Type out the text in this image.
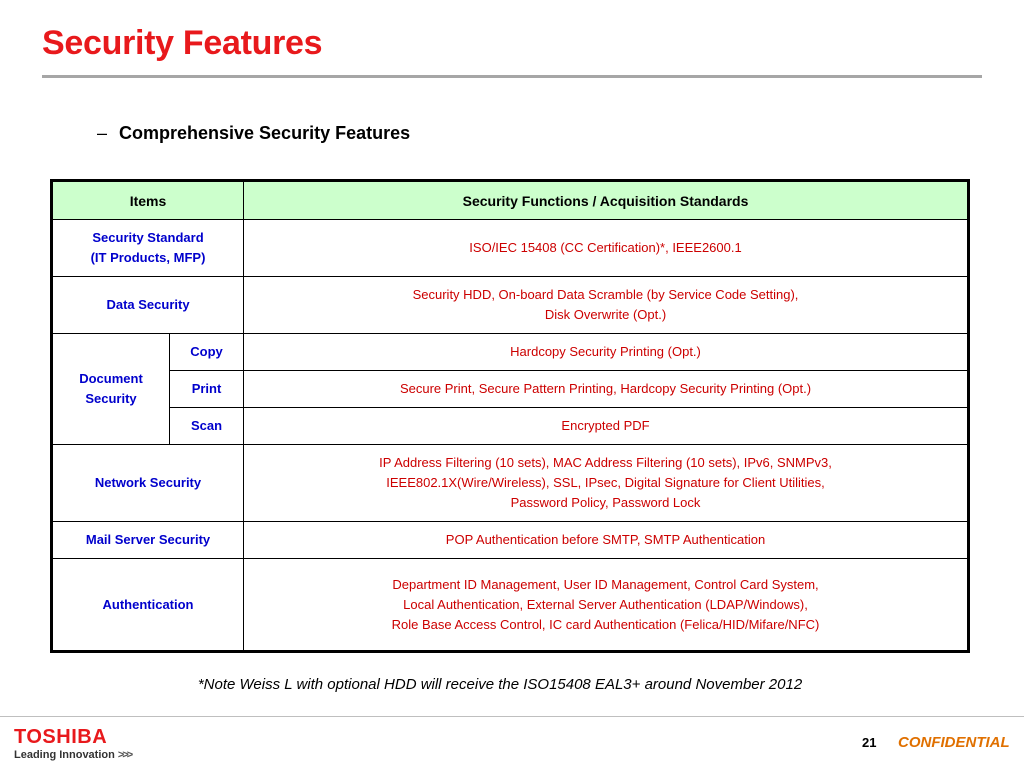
Security Features
– Comprehensive Security Features
Items		Security Functions / Acquisition Standards
Security Standard
(IT Products, MFP)		ISO/IEC 15408 (CC Certification)*, IEEE2600.1
Data Security		Security HDD, On-board Data Scramble (by Service Code Setting),
Disk Overwrite (Opt.)
Document
Security	Copy	Hardcopy Security Printing (Opt.)
	Print	Secure Print, Secure Pattern Printing, Hardcopy Security Printing (Opt.)
	Scan	Encrypted PDF
Network Security		IP Address Filtering (10 sets), MAC Address Filtering (10 sets), IPv6, SNMPv3,
IEEE802.1X(Wire/Wireless), SSL, IPsec, Digital Signature for Client Utilities,
Password Policy, Password Lock
Mail Server Security		POP Authentication before SMTP, SMTP Authentication
Authentication		Department ID Management, User ID Management, Control Card System,
Local Authentication, External Server Authentication (LDAP/Windows),
Role Base Access Control, IC card Authentication (Felica/HID/Mifare/NFC)
*Note Weiss L with optional HDD will receive the ISO15408 EAL3+ around November 2012
TOSHIBA
Leading Innovation >>>
21 CONFIDENTIAL
